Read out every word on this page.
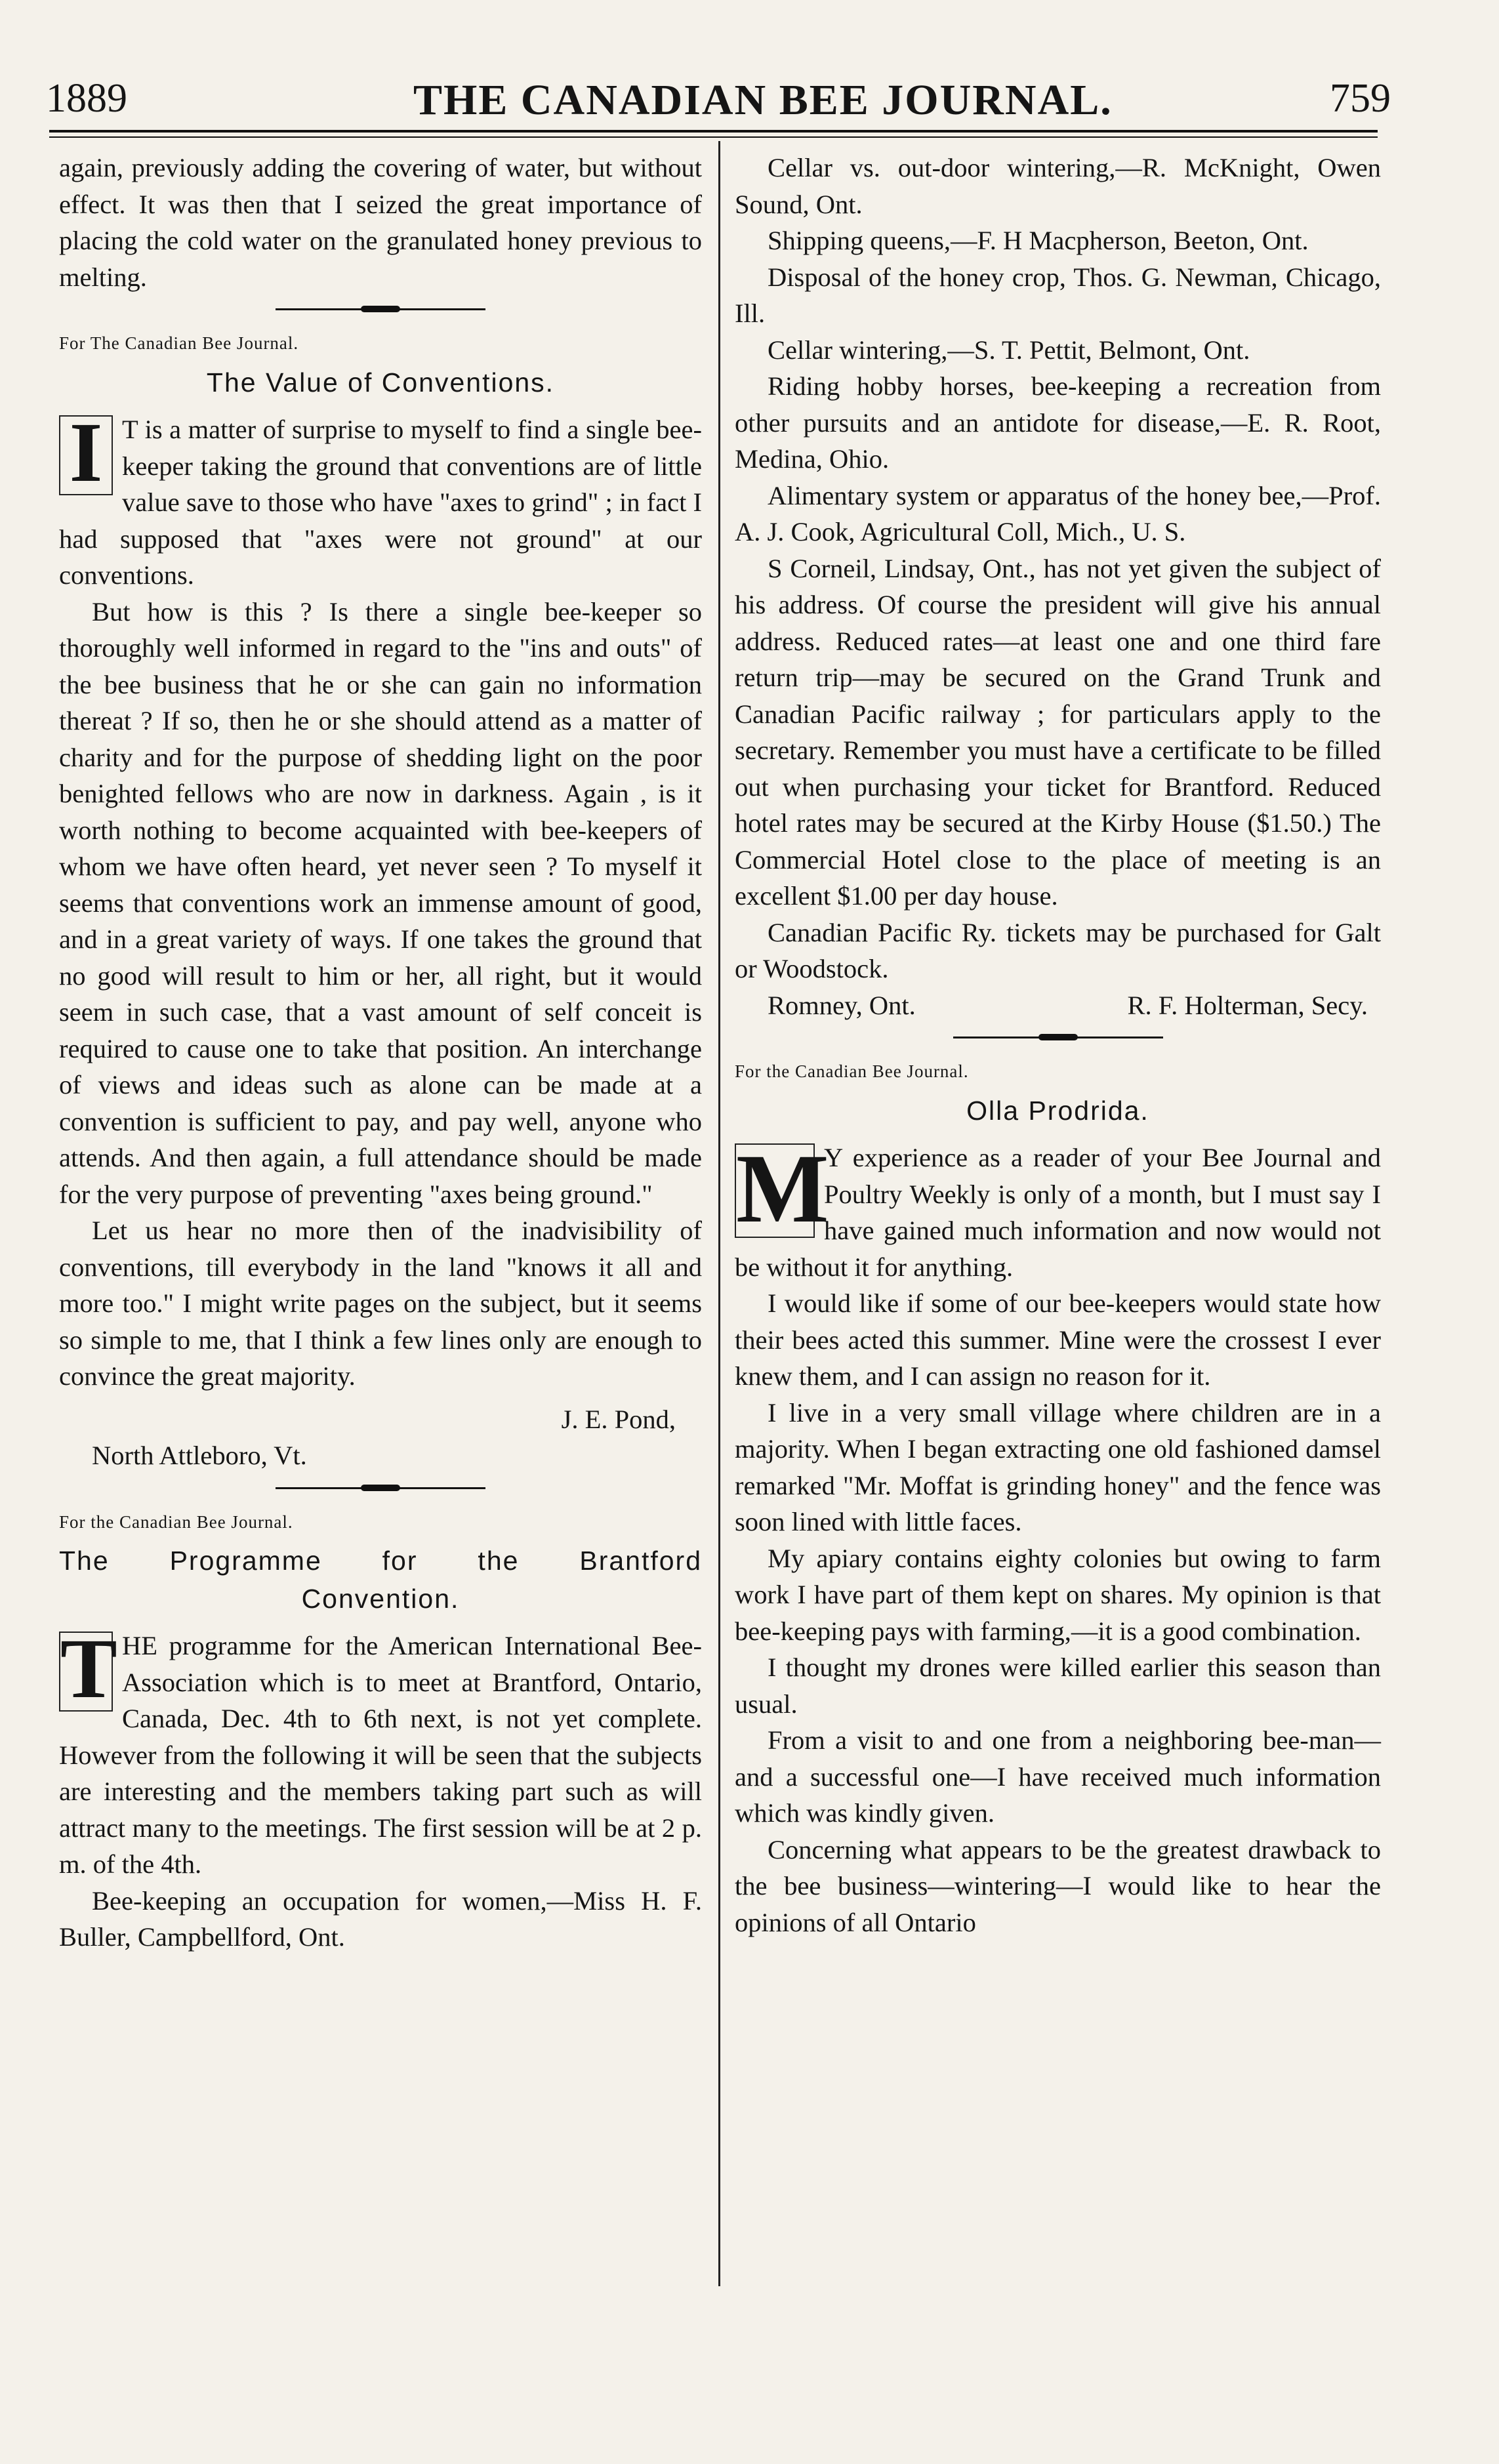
1889	THE CANADIAN BEE JOURNAL.	759

again, previously adding the covering of water, but without effect. It was then that I seized the great importance of placing the cold water on the granulated honey previous to melting.

For The Canadian Bee Journal.
The Value of Conventions.
I T is a matter of surprise to myself to find a single bee-keeper taking the ground that conventions are of little value save to those who have "axes to grind" ; in fact I had supposed that "axes were not ground" at our conventions.

But how is this ? Is there a single bee-keeper so thoroughly well informed in regard to the "ins and outs" of the bee business that he or she can gain no information thereat ? If so, then he or she should attend as a matter of charity and for the purpose of shedding light on the poor benighted fellows who are now in darkness. Again , is it worth nothing to become acquainted with bee-keepers of whom we have often heard, yet never seen ? To myself it seems that conventions work an immense amount of good, and in a great variety of ways. If one takes the ground that no good will result to him or her, all right, but it would seem in such case, that a vast amount of self conceit is required to cause one to take that position. An interchange of views and ideas such as alone can be made at a convention is sufficient to pay, and pay well, anyone who attends. And then again, a full attendance should be made for the very purpose of preventing "axes being ground."

Let us hear no more then of the inadvisibility of conventions, till everybody in the land "knows it all and more too." I might write pages on the subject, but it seems so simple to me, that I think a few lines only are enough to convince the great majority.

J. E. Pond,
North Attleboro, Vt.
For the Canadian Bee Journal.
The Programme for the Brantford
Convention.
T HE programme for the American International Bee-Association which is to meet at Brantford, Ontario, Canada, Dec. 4th to 6th next, is not yet complete. However from the following it will be seen that the subjects are interesting and the members taking part such as will attract many to the meetings. The first session will be at 2 p. m. of the 4th.

Bee-keeping an occupation for women,—Miss H. F. Buller, Campbellford, Ont.

Cellar vs. out-door wintering,—R. McKnight, Owen Sound, Ont.

Shipping queens,—F. H Macpherson, Beeton, Ont.

Disposal of the honey crop, Thos. G. Newman, Chicago, Ill.

Cellar wintering,—S. T. Pettit, Belmont, Ont.

Riding hobby horses, bee-keeping a recreation from other pursuits and an antidote for disease,—E. R. Root, Medina, Ohio.

Alimentary system or apparatus of the honey bee,—Prof. A. J. Cook, Agricultural Coll, Mich., U. S.

S Corneil, Lindsay, Ont., has not yet given the subject of his address. Of course the president will give his annual address. Reduced rates—at least one and one third fare return trip—may be secured on the Grand Trunk and Canadian Pacific railway ; for particulars apply to the secretary. Remember you must have a certificate to be filled out when purchasing your ticket for Brantford. Reduced hotel rates may be secured at the Kirby House ($1.50.) The Commercial Hotel close to the place of meeting is an excellent $1.00 per day house.

Canadian Pacific Ry. tickets may be purchased for Galt or Woodstock.

Romney, Ont.	R. F. Holterman, Secy.
For the Canadian Bee Journal.
Olla Prodrida.
M

Y experience as a reader of your Bee Journal and Poultry Weekly is only of a month, but I must say I have gained much information and now would not be without it for anything.

I would like if some of our bee-keepers would state how their bees acted this summer. Mine were the crossest I ever knew them, and I can assign no reason for it.

I live in a very small village where children are in a majority. When I began extracting one old fashioned damsel remarked "Mr. Moffat is grinding honey" and the fence was soon lined with little faces.

My apiary contains eighty colonies but owing to farm work I have part of them kept on shares. My opinion is that bee-keeping pays with farming,—it is a good combination.

I thought my drones were killed earlier this season than usual.

From a visit to and one from a neighboring bee-man—and a successful one—I have received much information which was kindly given.

Concerning what appears to be the greatest drawback to the bee business—wintering—I would like to hear the opinions of all Ontario
